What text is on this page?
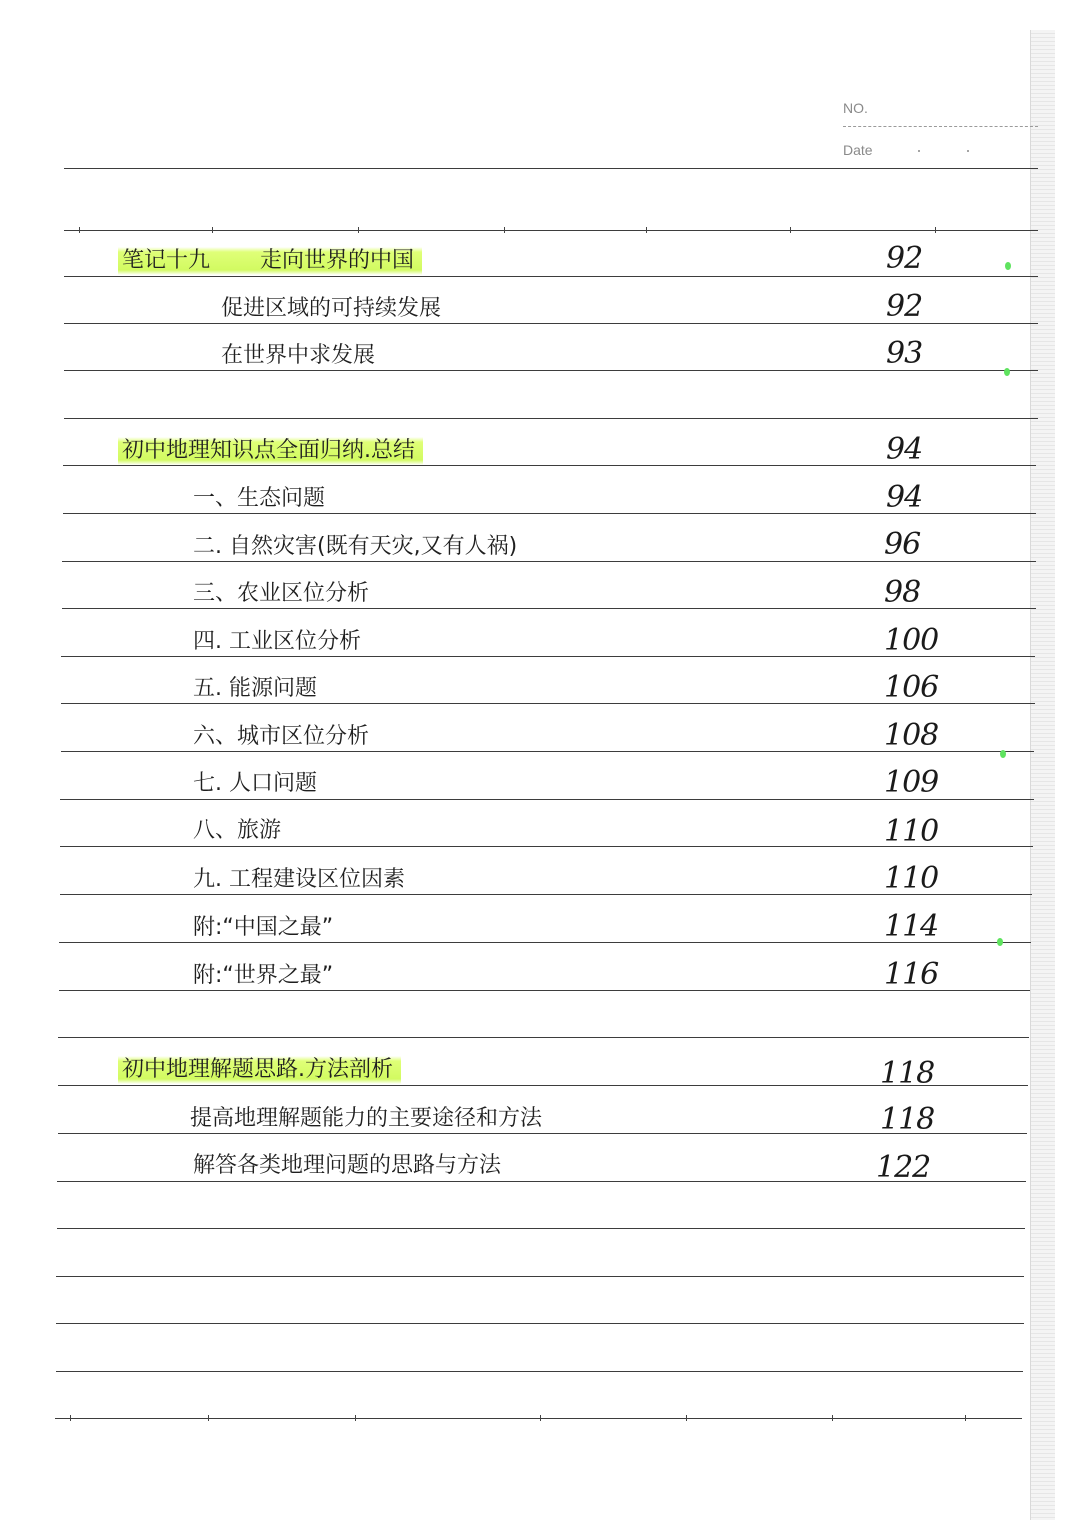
NO.
Date
笔记十九 走向世界的中国	92
促进区域的可持续发展	92
在世界中求发展	93
初中地理知识点全面归纳.总结	94
一、生态问题	94
二. 自然灾害(既有天灾,又有人祸)	96
三、农业区位分析	98
四. 工业区位分析	100
五. 能源问题	106
六、城市区位分析	108
七. 人口问题	109
八、旅游	110
九. 工程建设区位因素	110
附:“中国之最”	114
附:“世界之最”	116
初中地理解题思路.方法剖析	118
提高地理解题能力的主要途径和方法	118
解答各类地理问题的思路与方法	122
